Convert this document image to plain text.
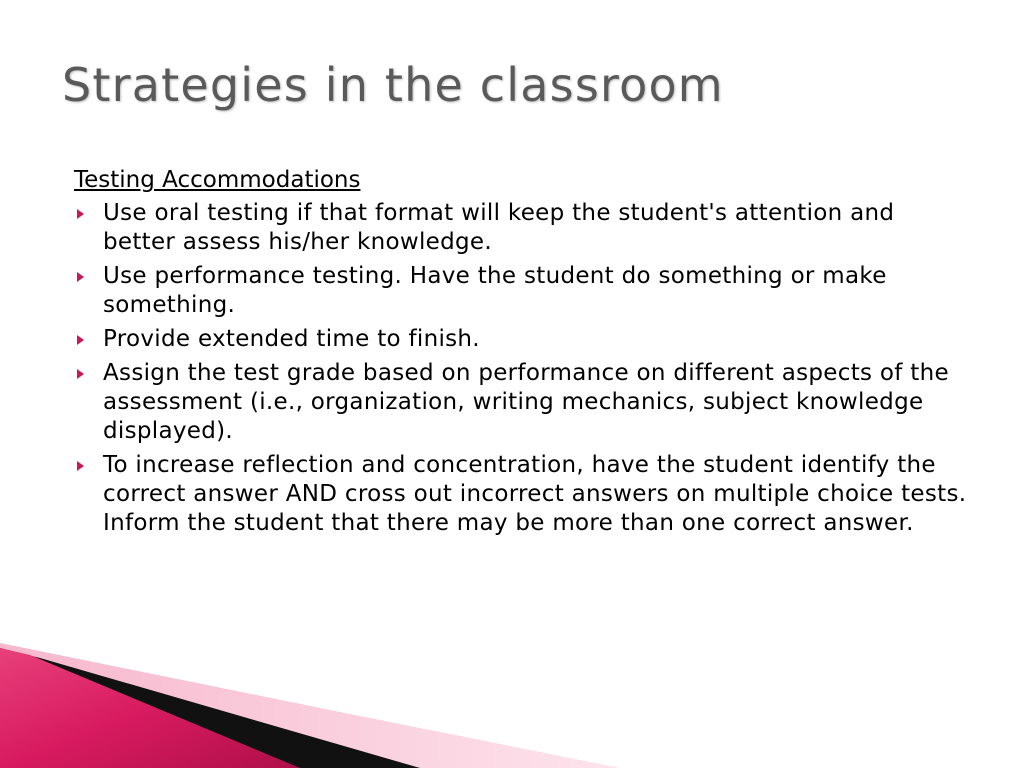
Strategies in the classroom
Testing Accommodations
Use oral testing if that format will keep the student's attention and better assess his/her knowledge.
Use performance testing. Have the student do something or make something.
Provide extended time to finish.
Assign the test grade based on performance on different aspects of the assessment (i.e., organization, writing mechanics, subject knowledge displayed).
To increase reflection and concentration, have the student identify the correct answer AND cross out incorrect answers on multiple choice tests. Inform the student that there may be more than one correct answer.
